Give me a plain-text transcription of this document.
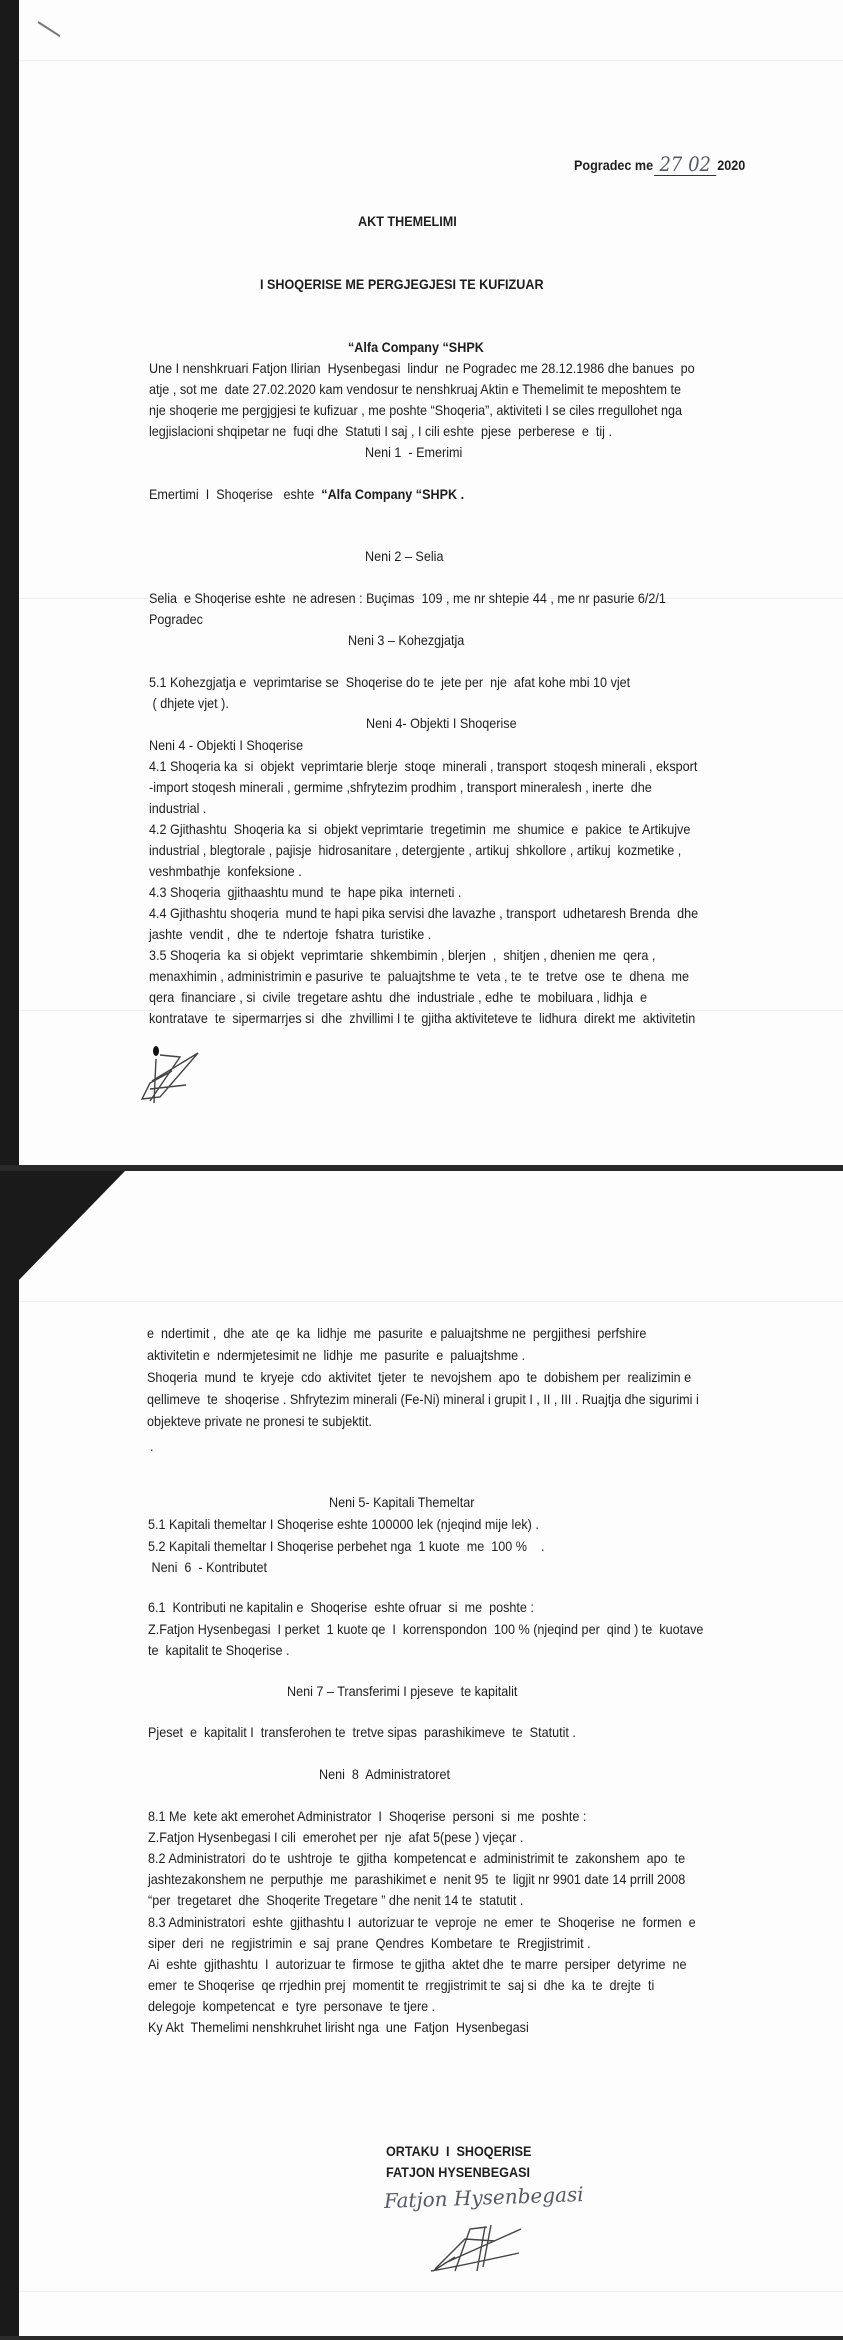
Pogradec me 27 02 2020
AKT THEMELIMI
I SHOQERISE ME PERGJEGJESI TE KUFIZUAR
“Alfa Company “SHPK
Une I nenshkruari Fatjon Ilirian  Hysenbegasi  lindur  ne Pogradec me 28.12.1986 dhe banues  po
atje , sot me  date 27.02.2020 kam vendosur te nenshkruaj Aktin e Themelimit te meposhtem te
nje shoqerie me pergjgjesi te kufizuar , me poshte “Shoqeria”, aktiviteti I se ciles rregullohet nga
legjislacioni shqipetar ne  fuqi dhe  Statuti I saj , I cili eshte  pjese  perberese  e  tij .
Neni 1  - Emerimi
Emertimi  I  Shoqerise   eshte  “Alfa Company “SHPK .
Neni 2 – Selia
Selia  e Shoqerise eshte  ne adresen : Buçimas  109 , me nr shtepie 44 , me nr pasurie 6/2/1
Pogradec
Neni 3 – Kohezgjatja
5.1 Kohezgjatja e  veprimtarise se  Shoqerise do te  jete per  nje  afat kohe mbi 10 vjet
( dhjete vjet ).
Neni 4- Objekti I Shoqerise
Neni 4 - Objekti I Shoqerise
4.1 Shoqeria ka  si  objekt  veprimtarie blerje  stoqe  minerali , transport  stoqesh minerali , eksport
-import stoqesh minerali , germime ,shfrytezim prodhim , transport mineralesh , inerte  dhe
industrial .
4.2 Gjithashtu  Shoqeria ka  si  objekt veprimtarie  tregetimin  me  shumice  e  pakice  te Artikujve
industrial , blegtorale , pajisje  hidrosanitare , detergjente , artikuj  shkollore , artikuj  kozmetike ,
veshmbathje  konfeksione .
4.3 Shoqeria  gjithaashtu mund  te  hape pika  interneti .
4.4 Gjithashtu shoqeria  mund te hapi pika servisi dhe lavazhe , transport  udhetaresh Brenda  dhe
jashte  vendit ,  dhe  te  ndertoje  fshatra  turistike .
3.5 Shoqeria  ka  si objekt  veprimtarie  shkembimin , blerjen  ,  shitjen , dhenien me  qera ,
menaxhimin , administrimin e pasurive  te  paluajtshme te  veta , te  te  tretve  ose  te  dhena  me
qera  financiare , si  civile  tregetare ashtu  dhe  industriale , edhe  te  mobiluara , lidhja  e
kontratave  te  sipermarrjes si  dhe  zhvillimi I te  gjitha aktiviteteve te  lidhura  direkt me  aktivitetin
e  ndertimit ,  dhe  ate  qe  ka  lidhje  me  pasurite  e paluajtshme ne  pergjithesi  perfshire
aktivitetin e  ndermjetesimit ne  lidhje  me  pasurite  e  paluajtshme .
Shoqeria  mund  te  kryeje  cdo  aktivitet  tjeter  te  nevojshem  apo  te  dobishem per  realizimin e
qellimeve  te  shoqerise . Shfrytezim minerali (Fe-Ni) mineral i grupit I , II , III . Ruajtja dhe sigurimi i
objekteve private ne pronesi te subjektit.
.
Neni 5- Kapitali Themeltar
5.1 Kapitali themeltar I Shoqerise eshte 100000 lek (njeqind mije lek) .
5.2 Kapitali themeltar I Shoqerise perbehet nga  1 kuote  me  100 %    .
Neni  6  - Kontributet
6.1  Kontributi ne kapitalin e  Shoqerise  eshte ofruar  si  me  poshte :
Z.Fatjon Hysenbegasi  I perket  1 kuote qe  I  korrenspondon  100 % (njeqind per  qind ) te  kuotave
te  kapitalit te Shoqerise .
Neni 7 – Transferimi I pjeseve  te kapitalit
Pjeset  e  kapitalit I  transferohen te  tretve sipas  parashikimeve  te  Statutit .
Neni  8  Administratoret
8.1 Me  kete akt emerohet Administrator  I  Shoqerise  personi  si  me  poshte :
Z.Fatjon Hysenbegasi I cili  emerohet per  nje  afat 5(pese ) vjeçar .
8.2 Administratori  do te  ushtroje  te  gjitha  kompetencat e  administrimit te  zakonshem  apo  te
jashtezakonshem ne  perputhje  me  parashikimet e  nenit 95  te  ligjit nr 9901 date 14 prrill 2008
“per  tregetaret  dhe  Shoqerite Tregetare ” dhe nenit 14 te  statutit .
8.3 Administratori  eshte  gjithashtu I  autorizuar te  veproje  ne  emer  te  Shoqerise  ne  formen  e
siper  deri  ne  regjistrimin  e  saj  prane  Qendres  Kombetare  te  Rregjistrimit .
Ai  eshte  gjithashtu  I  autorizuar te  firmose  te gjitha  aktet dhe  te marre  persiper  detyrime  ne
emer  te Shoqerise  qe rrjedhin prej  momentit te  rregjistrimit te  saj si  dhe  ka  te  drejte  ti
delegoje  kompetencat  e  tyre  personave  te tjere .
Ky Akt  Themelimi nenshkruhet lirisht nga  une  Fatjon  Hysenbegasi
ORTAKU  I  SHOQERISE
FATJON HYSENBEGASI
Fatjon Hysenbegasi
